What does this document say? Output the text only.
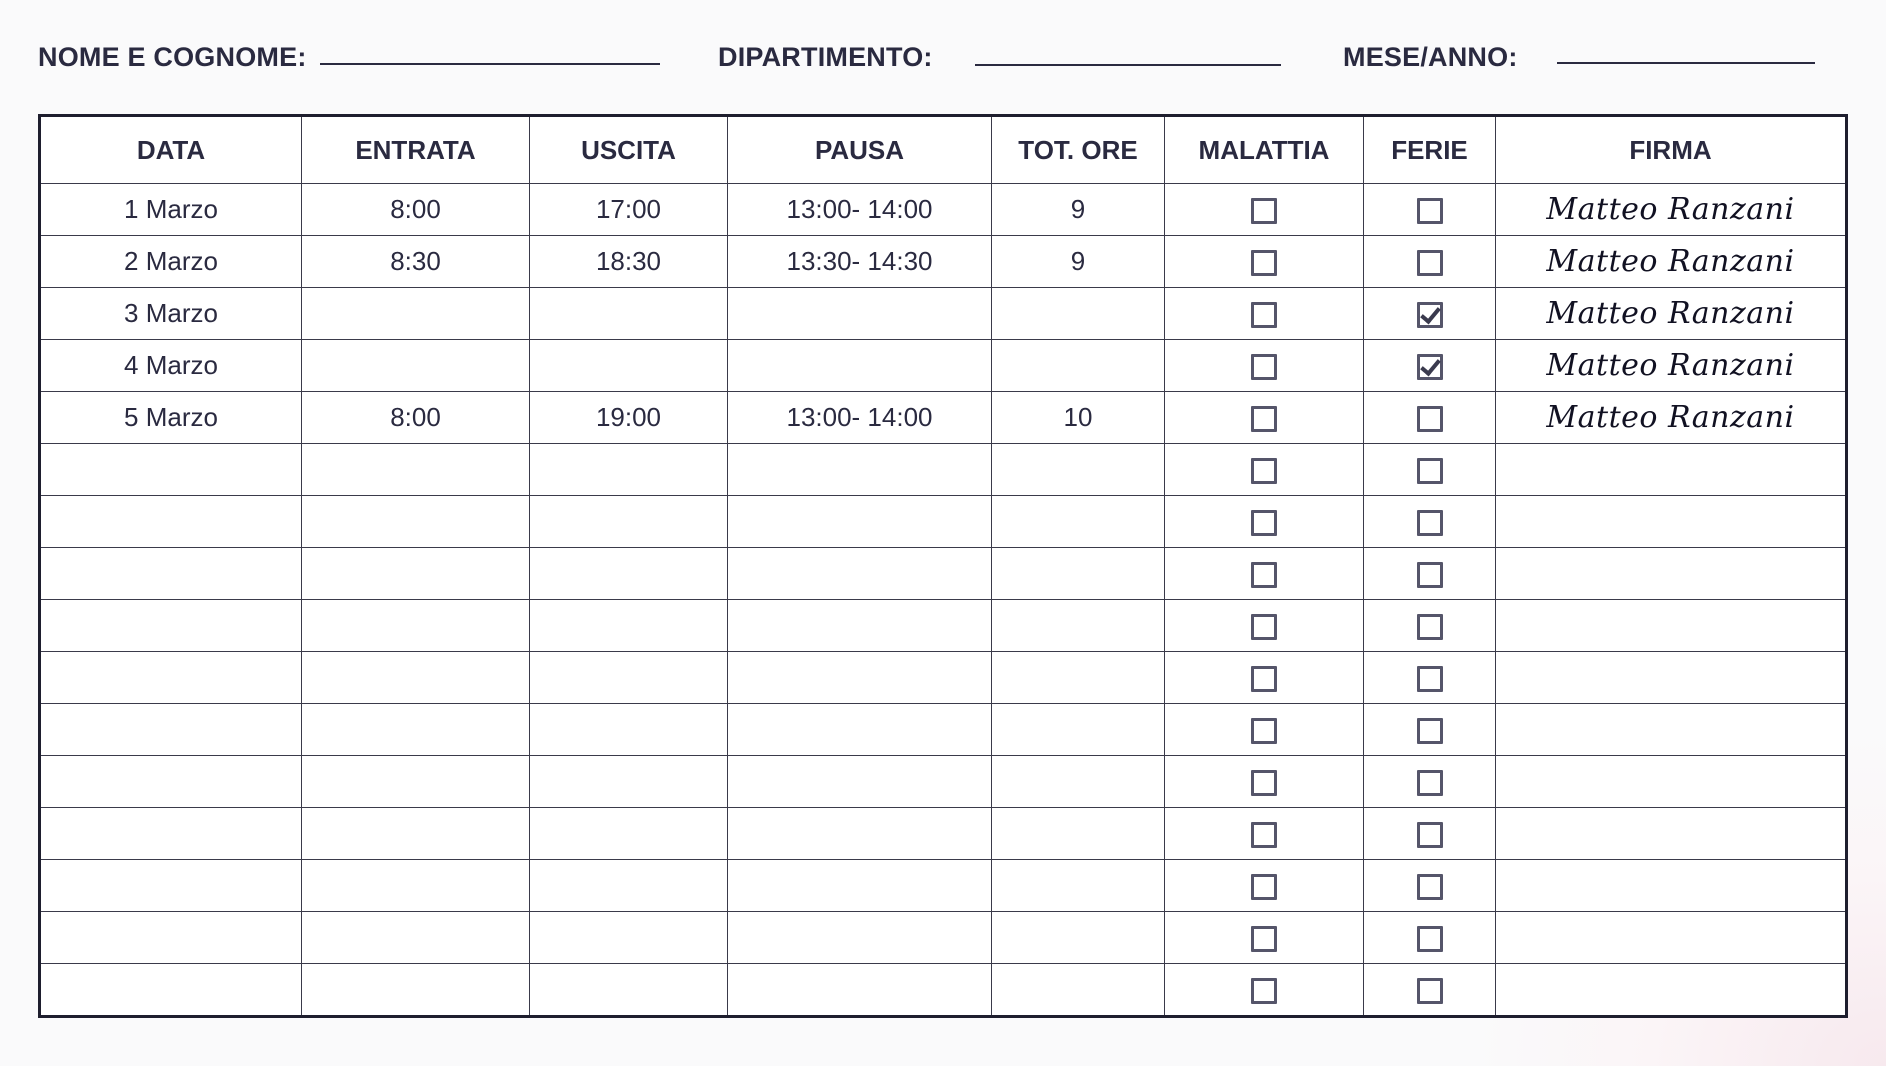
NOME E COGNOME:	DIPARTIMENTO:	MESE/ANNO:
DATA	ENTRATA	USCITA	PAUSA	TOT. ORE	MALATTIA	FERIE	FIRMA
1 Marzo	8:00	17:00	13:00- 14:00	9			Matteo Ranzani
2 Marzo	8:30	18:30	13:30- 14:30	9			Matteo Ranzani
3 Marzo							Matteo Ranzani
4 Marzo							Matteo Ranzani
5 Marzo	8:00	19:00	13:00- 14:00	10			Matteo Ranzani
